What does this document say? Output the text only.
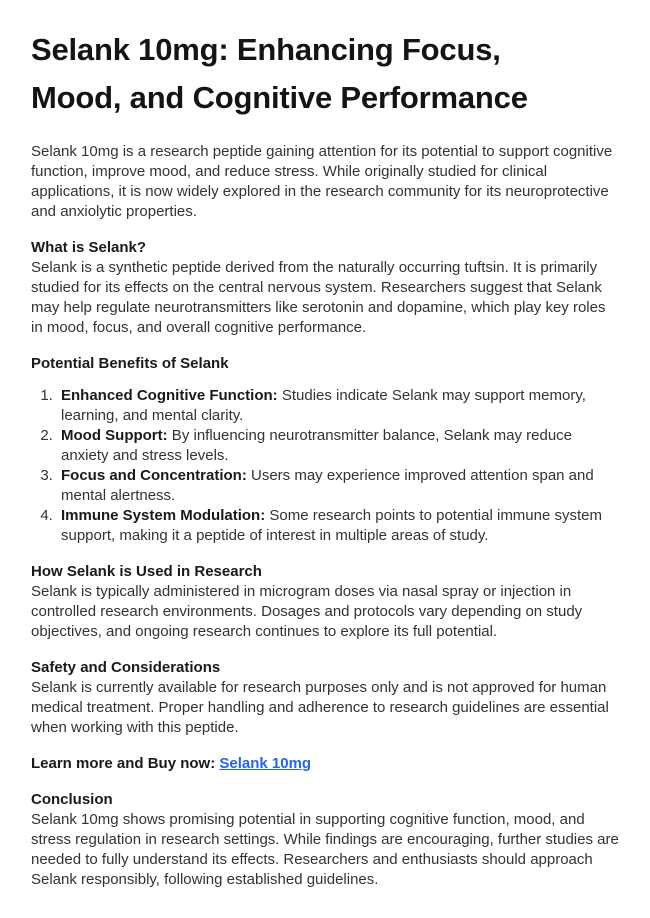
Selank 10mg: Enhancing Focus, Mood, and Cognitive Performance

Selank 10mg is a research peptide gaining attention for its potential to support cognitive function, improve mood, and reduce stress. While originally studied for clinical applications, it is now widely explored in the research community for its neuroprotective and anxiolytic properties.

What is Selank?

Selank is a synthetic peptide derived from the naturally occurring tuftsin. It is primarily studied for its effects on the central nervous system. Researchers suggest that Selank may help regulate neurotransmitters like serotonin and dopamine, which play key roles in mood, focus, and overall cognitive performance.

Potential Benefits of Selank
1. Enhanced Cognitive Function: Studies indicate Selank may support memory, learning, and mental clarity.
2. Mood Support: By influencing neurotransmitter balance, Selank may reduce anxiety and stress levels.
3. Focus and Concentration: Users may experience improved attention span and mental alertness.
4. Immune System Modulation: Some research points to potential immune system support, making it a peptide of interest in multiple areas of study.
How Selank is Used in Research

Selank is typically administered in microgram doses via nasal spray or injection in controlled research environments. Dosages and protocols vary depending on study objectives, and ongoing research continues to explore its full potential.

Safety and Considerations

Selank is currently available for research purposes only and is not approved for human medical treatment. Proper handling and adherence to research guidelines are essential when working with this peptide.

Learn more and Buy now: Selank 10mg

Conclusion

Selank 10mg shows promising potential in supporting cognitive function, mood, and stress regulation in research settings. While findings are encouraging, further studies are needed to fully understand its effects. Researchers and enthusiasts should approach Selank responsibly, following established guidelines.
